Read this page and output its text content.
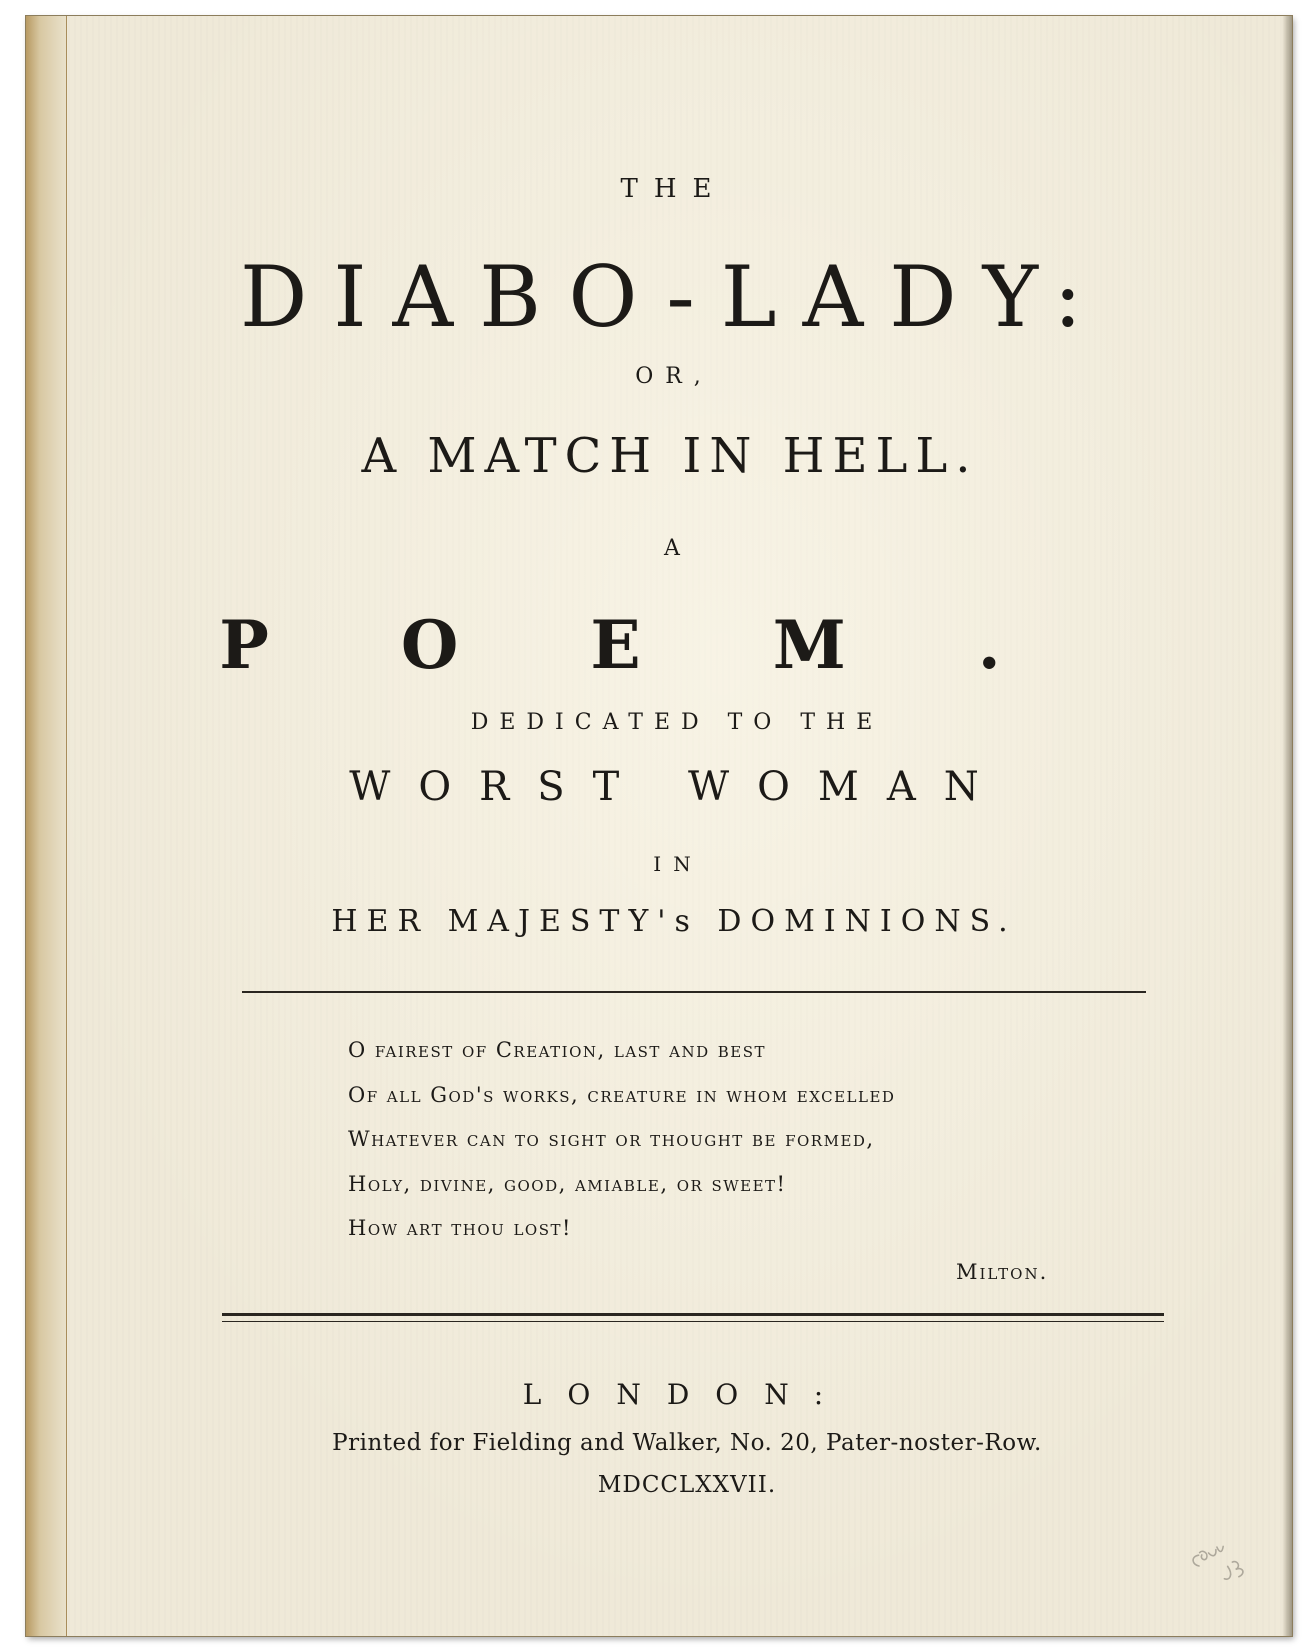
THE
DIABO-LADY:
OR,
A MATCH IN HELL.
A
POEM.
DEDICATED TO THE
WORST WOMAN
IN
HER MAJESTY's DOMINIONS.
O fairest of Creation, last and best
Of all God's works, creature in whom excelled
Whatever can to sight or thought be formed,
Holy, divine, good, amiable, or sweet!
How art thou lost!
Milton.
LONDON:
Printed for Fielding and Walker, No. 20, Pater-noster-Row.
MDCCLXXVII.
